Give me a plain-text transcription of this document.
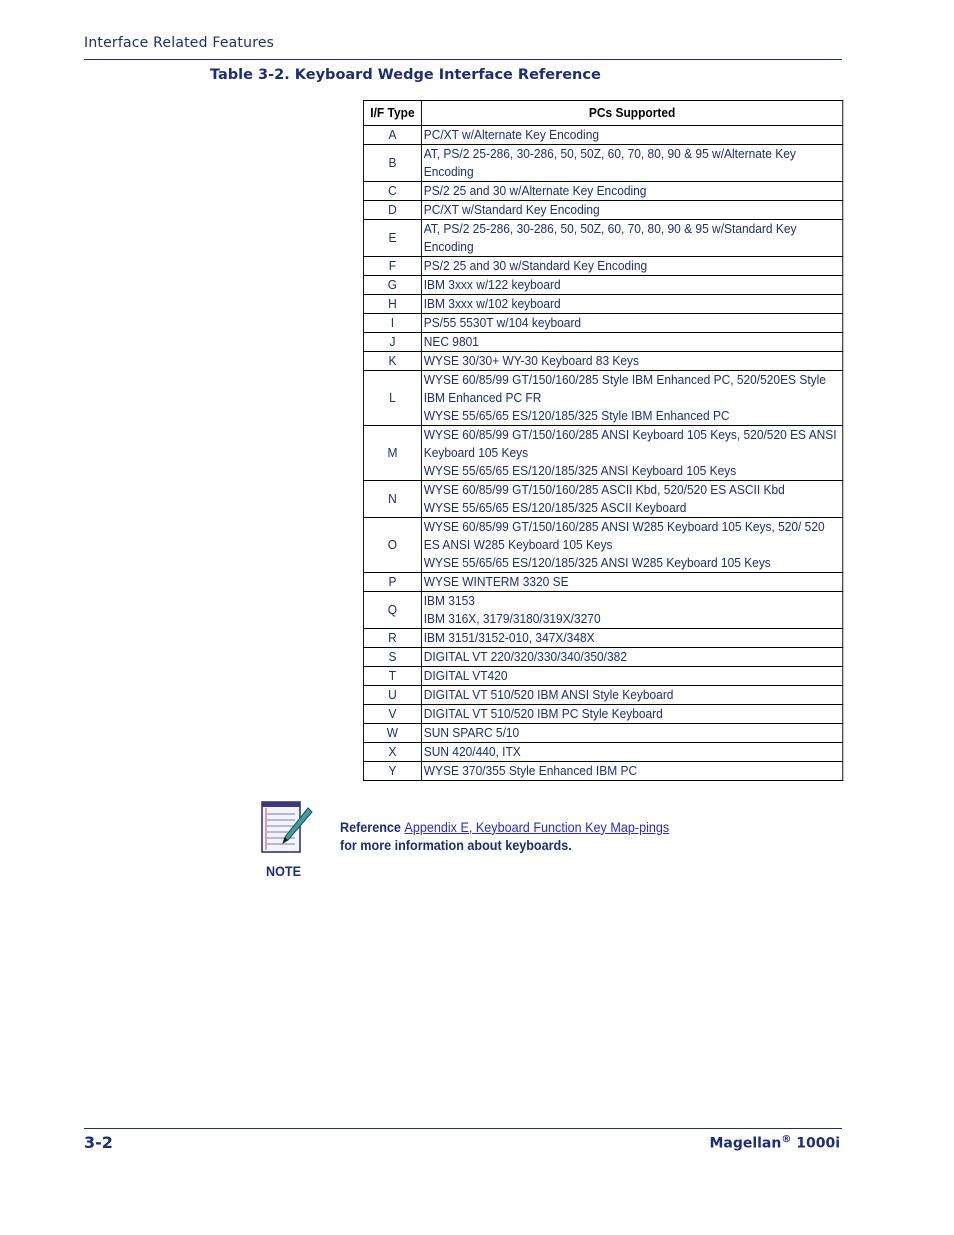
Interface Related Features
Table 3-2. Keyboard Wedge Interface Reference
I/F Type	PCs Supported
A	PC/XT w/Alternate Key Encoding

B	AT, PS/2 25-286, 30-286, 50, 50Z, 60, 70, 80, 90 & 95 w/Alternate Key Encoding

C	PS/2 25 and 30 w/Alternate Key Encoding

D	PC/XT w/Standard Key Encoding

E	AT, PS/2 25-286, 30-286, 50, 50Z, 60, 70, 80, 90 & 95 w/Standard Key Encoding

F	PS/2 25 and 30 w/Standard Key Encoding

G	IBM 3xxx w/122 keyboard

H	IBM 3xxx w/102 keyboard

I	PS/55 5530T w/104 keyboard

J	NEC 9801

K	WYSE 30/30+ WY-30 Keyboard 83 Keys

L	WYSE 60/85/99 GT/150/160/285 Style IBM Enhanced PC, 520/520ES Style IBM Enhanced PC FR
WYSE 55/65/65 ES/120/185/325 Style IBM Enhanced PC

M	WYSE 60/85/99 GT/150/160/285 ANSI Keyboard 105 Keys, 520/520 ES ANSI Keyboard 105 Keys
WYSE 55/65/65 ES/120/185/325 ANSI Keyboard 105 Keys

N	WYSE 60/85/99 GT/150/160/285 ASCII Kbd, 520/520 ES ASCII Kbd
WYSE 55/65/65 ES/120/185/325 ASCII Keyboard

O	WYSE 60/85/99 GT/150/160/285 ANSI W285 Keyboard 105 Keys, 520/ 520 ES ANSI W285 Keyboard 105 Keys
WYSE 55/65/65 ES/120/185/325 ANSI W285 Keyboard 105 Keys

P	WYSE WINTERM 3320 SE

Q	IBM 3153
IBM 316X, 3179/3180/319X/3270

R	IBM 3151/3152-010, 347X/348X

S	DIGITAL VT 220/320/330/340/350/382

T	DIGITAL VT420

U	DIGITAL VT 510/520 IBM ANSI Style Keyboard

V	DIGITAL VT 510/520 IBM PC Style Keyboard

W	SUN SPARC 5/10

X	SUN 420/440, ITX

Y	WYSE 370/355 Style Enhanced IBM PC
NOTE
Reference Appendix E, Keyboard Function Key Map-pings for more information about keyboards.
3-2	Magellan® 1000i
